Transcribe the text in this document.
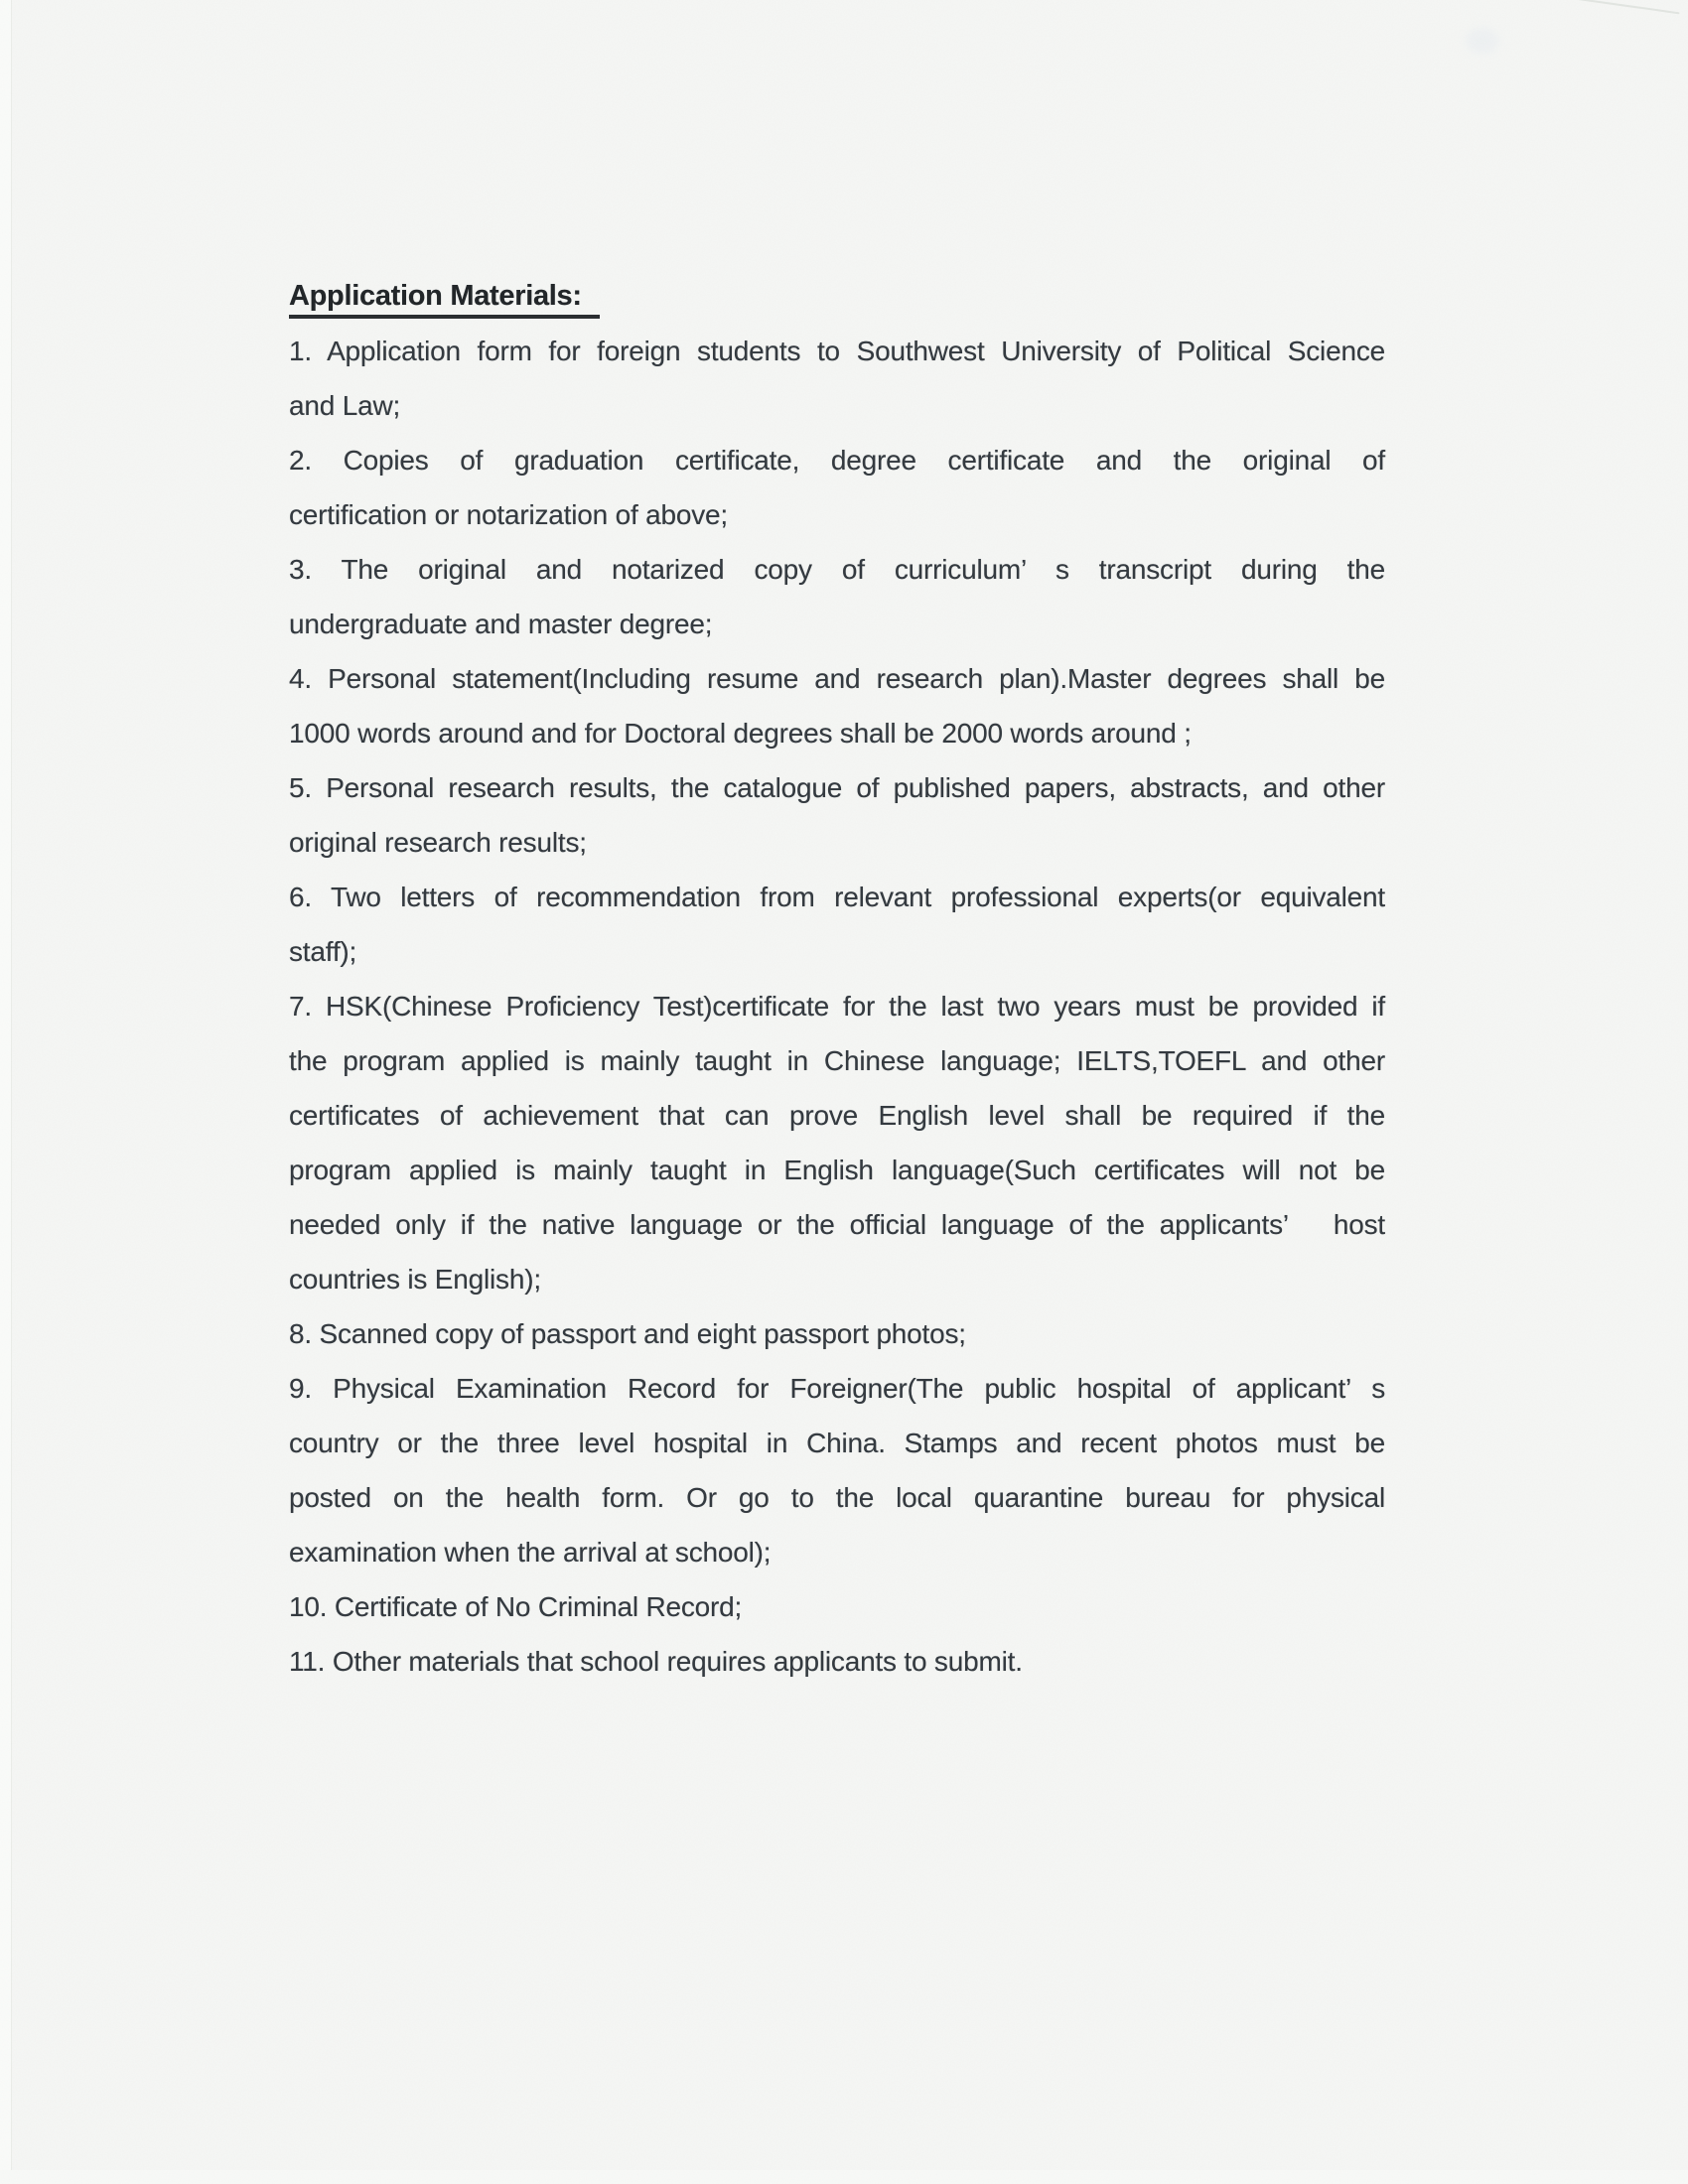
Application Materials:
1. Application form for foreign students to Southwest University of Political Science
and Law;
2. Copies of graduation certificate, degree certificate and the original of
certification or notarization of above;
3. The original and notarized copy of curriculum’ s transcript during the
undergraduate and master degree;
4. Personal statement(Including resume and research plan).Master degrees shall be
1000 words around and for Doctoral degrees shall be 2000 words around ;
5. Personal research results, the catalogue of published papers, abstracts, and other
original research results;
6. Two letters of recommendation from relevant professional experts(or equivalent
staff);
7. HSK(Chinese Proficiency Test)certificate for the last two years must be provided if
the program applied is mainly taught in Chinese language; IELTS,TOEFL and other
certificates of achievement that can prove English level shall be required if the
program applied is mainly taught in English language(Such certificates will not be
needed only if the native language or the official language of the applicants’   host
countries is English);
8. Scanned copy of passport and eight passport photos;
9. Physical Examination Record for Foreigner(The public hospital of applicant’ s
country or the three level hospital in China. Stamps and recent photos must be
posted on the health form. Or go to the local quarantine bureau for physical
examination when the arrival at school);
10. Certificate of No Criminal Record;
11. Other materials that school requires applicants to submit.
